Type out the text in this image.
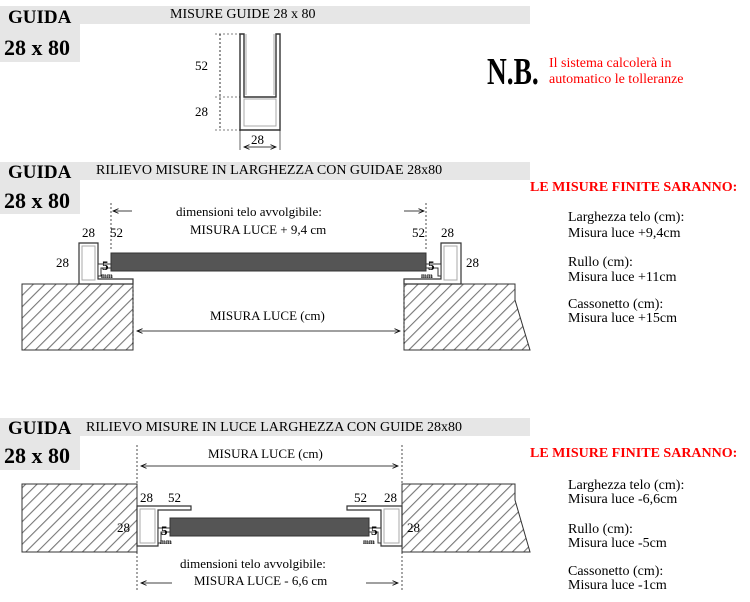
GUIDA

28 x 80

MISURE GUIDE 28 x 80

52

28

28

N.B. Il sistema calcolerà in

automatico le tolleranze

GUIDA

28 x 80

RILIEVO MISURE IN LARGHEZZA CON GUIDAE 28x80

dimensioni telo avvolgibile:

MISURA LUCE + 9,4 cm

28 52	52 28

28	28

5

mm

5

mm

MISURA LUCE (cm)

LE MISURE FINITE SARANNO:

Larghezza telo (cm):

Misura luce +9,4cm

Rullo (cm):

Misura luce +11cm

Cassonetto (cm):

Misura luce +15cm

GUIDA

28 x 80

RILIEVO MISURE IN LUCE LARGHEZZA CON GUIDE 28x80

MISURA LUCE (cm)

28 52	52 28

28	28

5

mm

5

mm

dimensioni telo avvolgibile:

MISURA LUCE - 6,6 cm

LE MISURE FINITE SARANNO:

Larghezza telo (cm):

Misura luce -6,6cm

Rullo (cm):

Misura luce -5cm

Cassonetto (cm):

Misura luce -1cm
